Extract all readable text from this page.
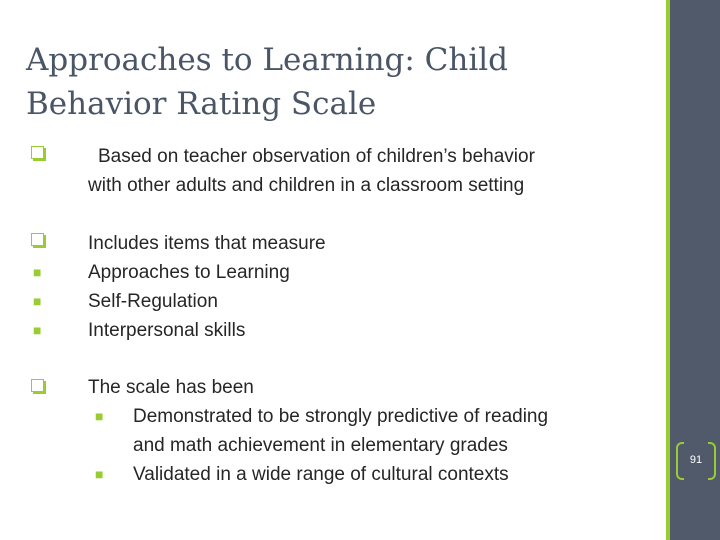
Approaches to Learning: Child Behavior Rating Scale
Based on teacher observation of children’s behavior
with other adults and children in a classroom setting
Includes items that measure
■ Approaches to Learning
■ Self-Regulation
■ Interpersonal skills
The scale has been
■ Demonstrated to be strongly predictive of reading
and math achievement in elementary grades
■ Validated in a wide range of cultural contexts
91
